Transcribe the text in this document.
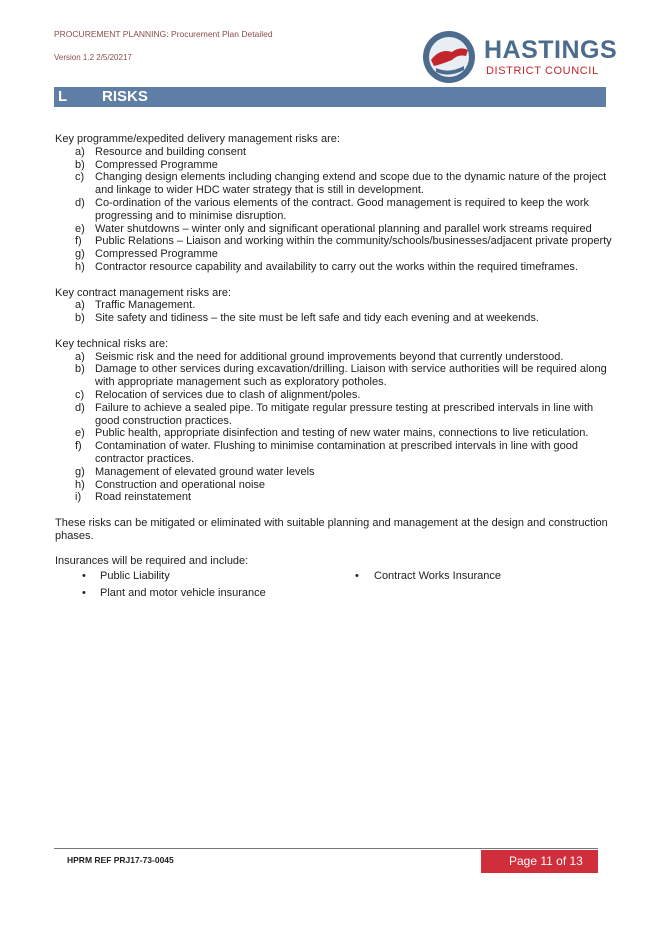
PROCUREMENT PLANNING: Procurement Plan Detailed
Version 1.2 2/5/20217	HASTINGS
DISTRICT COUNCIL
L RISKS

Key programme/expedited delivery management risks are:

a) Resource and building consent
b) Compressed Programme
c) Changing design elements including changing extend and scope due to the dynamic nature of the project and linkage to wider HDC water strategy that is still in development.
d) Co-ordination of the various elements of the contract. Good management is required to keep the work progressing and to minimise disruption.
e) Water shutdowns – winter only and significant operational planning and parallel work streams required
f) Public Relations – Liaison and working within the community/schools/businesses/adjacent private property
g) Compressed Programme
h) Contractor resource capability and availability to carry out the works within the required timeframes.

Key contract management risks are:

a) Traffic Management.
b) Site safety and tidiness – the site must be left safe and tidy each evening and at weekends.

Key technical risks are:

a) Seismic risk and the need for additional ground improvements beyond that currently understood.
b) Damage to other services during excavation/drilling. Liaison with service authorities will be required along with appropriate management such as exploratory potholes.
c) Relocation of services due to clash of alignment/poles.
d) Failure to achieve a sealed pipe. To mitigate regular pressure testing at prescribed intervals in line with good construction practices.
e) Public health, appropriate disinfection and testing of new water mains, connections to live reticulation.
f) Contamination of water. Flushing to minimise contamination at prescribed intervals in line with good contractor practices.
g) Management of elevated ground water levels
h) Construction and operational noise
i) Road reinstatement

These risks can be mitigated or eliminated with suitable planning and management at the design and construction phases.

Insurances will be required and include:

• Public Liability
• Plant and motor vehicle insurance
• Contract Works Insurance
HPRM REF PRJ17-73-0045	Page 11 of 13
